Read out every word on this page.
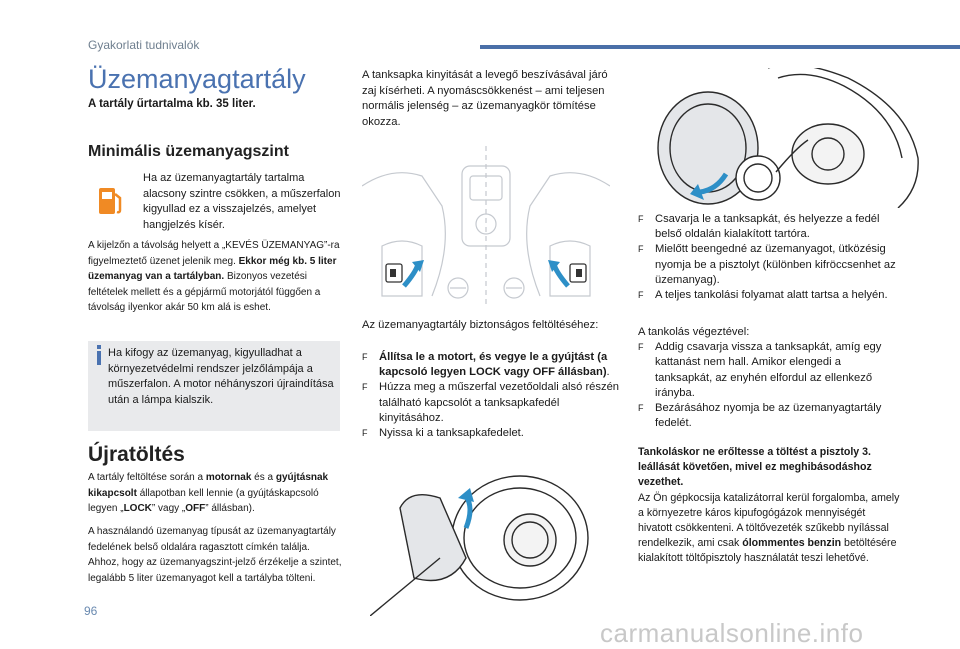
Gyakorlati tudnivalók
Üzemanyagtartály
A tartály űrtartalma kb. 35 liter.
Minimális üzemanyagszint
Ha az üzemanyagtartály tartalma alacsony szintre csökken, a műszerfalon kigyullad ez a visszajelzés, amelyet hangjelzés kísér.
A kijelzőn a távolság helyett a „KEVÉS ÜZEMANYAG”-ra figyelmeztető üzenet jelenik meg. Ekkor még kb. 5 liter üzemanyag van a tartályban. Bizonyos vezetési feltételek mellett és a gépjármű motorjától függően a távolság ilyenkor akár 50 km alá is eshet.
Ha kifogy az üzemanyag, kigyulladhat a környezetvédelmi rendszer jelzőlámpája a műszerfalon. A motor néhányszori újraindítása után a lámpa kialszik.
Újratöltés
A tartály feltöltése során a motornak és a gyújtásnak kikapcsolt állapotban kell lennie (a gyújtáskapcsoló legyen „LOCK” vagy „OFF” állásban).
A használandó üzemanyag típusát az üzemanyagtartály fedelének belső oldalára ragasztott címkén találja.
Ahhoz, hogy az üzemanyagszint-jelző érzékelje a szintet, legalább 5 liter üzemanyagot kell a tartályba tölteni.
A tanksapka kinyitását a levegő beszívásával járó zaj kísérheti. A nyomáscsökkenést – ami teljesen normális jelenség – az üzemanyagkör tömítése okozza.
Az üzemanyagtartály biztonságos feltöltéséhez:
F Állítsa le a motort, és vegye le a gyújtást (a kapcsoló legyen LOCK vagy OFF állásban).
F Húzza meg a műszerfal vezetőoldali alsó részén található kapcsolót a tanksapkafedél kinyitásához.
F Nyissa ki a tanksapkafedelet.
F Csavarja le a tanksapkát, és helyezze a fedél belső oldalán kialakított tartóra.
F Mielőtt beengedné az üzemanyagot, ütközésig nyomja be a pisztolyt (különben kifröccsenhet az üzemanyag).
F A teljes tankolási folyamat alatt tartsa a helyén.
A tankolás végeztével:
F Addig csavarja vissza a tanksapkát, amíg egy kattanást nem hall. Amikor elengedi a tanksapkát, az enyhén elfordul az ellenkező irányba.
F Bezárásához nyomja be az üzemanyagtartály fedelét.
Tankoláskor ne erőltesse a töltést a pisztoly 3. leállását követően, mivel ez meghibásodáshoz vezethet.
Az Ön gépkocsija katalizátorral kerül forgalomba, amely a környezetre káros kipufogógázok mennyiségét hivatott csökkenteni. A töltővezeték szűkebb nyílással rendelkezik, ami csak ólommentes benzin betöltésére kialakított töltőpisztoly használatát teszi lehetővé.
96
carmanualsonline.info
